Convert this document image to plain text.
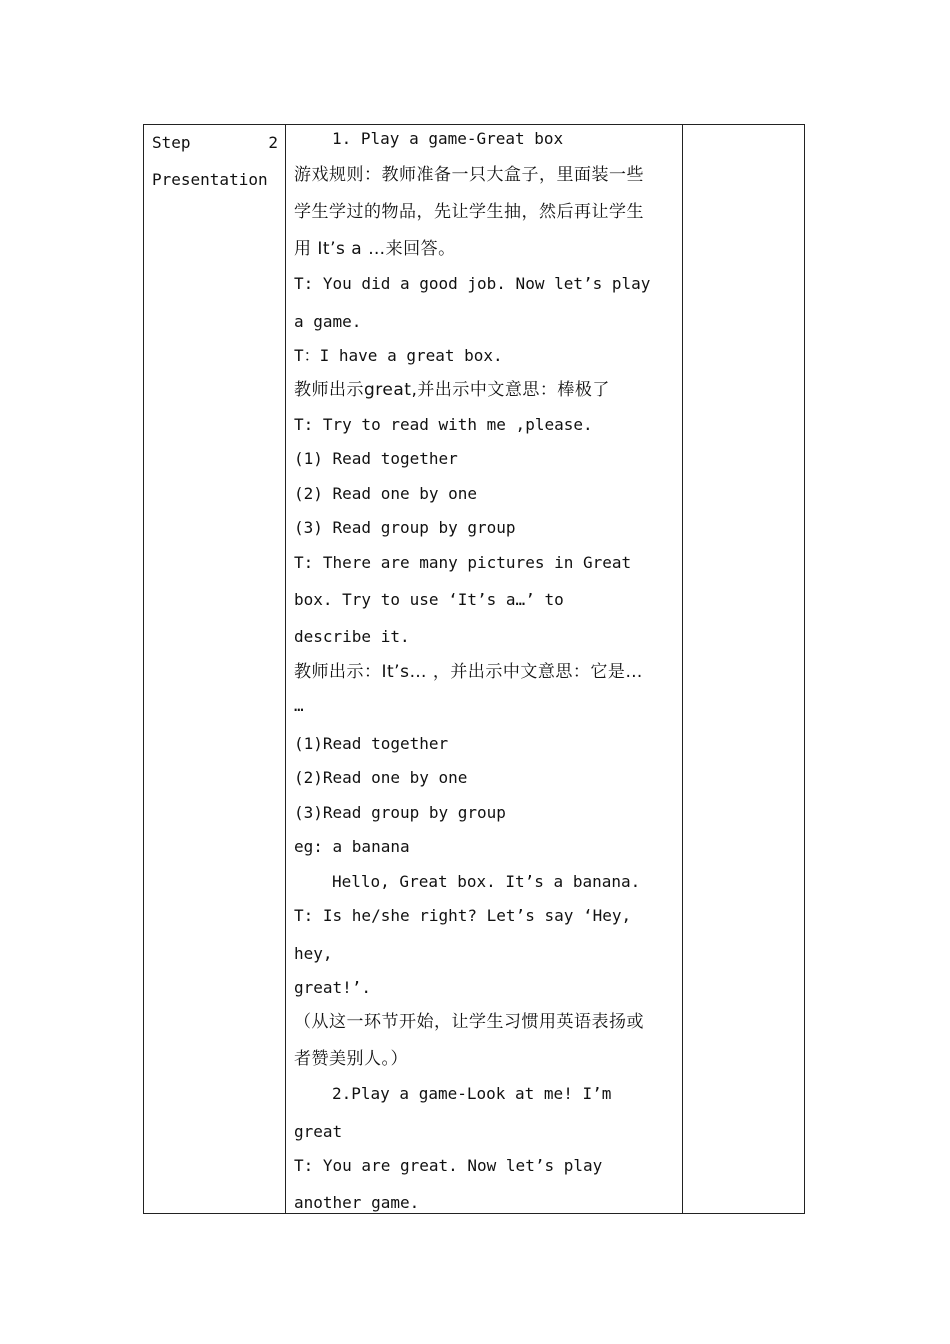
Step	2
Presentation
1. Play a game-Great box
游戏规则：教师准备一只大盒子，里面装一些
学生学过的物品，先让学生抽，然后再让学生
用 It’s a …来回答。
T: You did a good job. Now let’s play
a game.
T：I have a great box.
教师出示great,并出示中文意思：棒极了
T: Try to read with me ,please.
(1) Read together
(2) Read one by one
(3) Read group by group
T: There are many pictures in Great
box. Try to use ‘It’s a…’ to
describe it.
教师出示：It’s… ，并出示中文意思：它是…
…
(1)Read together
(2)Read one by one
(3)Read group by group
eg: a banana
Hello, Great box. It’s a banana.
T: Is he/she right? Let’s say ‘Hey,
hey,
great!’.
（从这一环节开始，让学生习惯用英语表扬或
者赞美别人。）
2.Play a game-Look at me! I’m
great
T: You are great. Now let’s play
another game.
